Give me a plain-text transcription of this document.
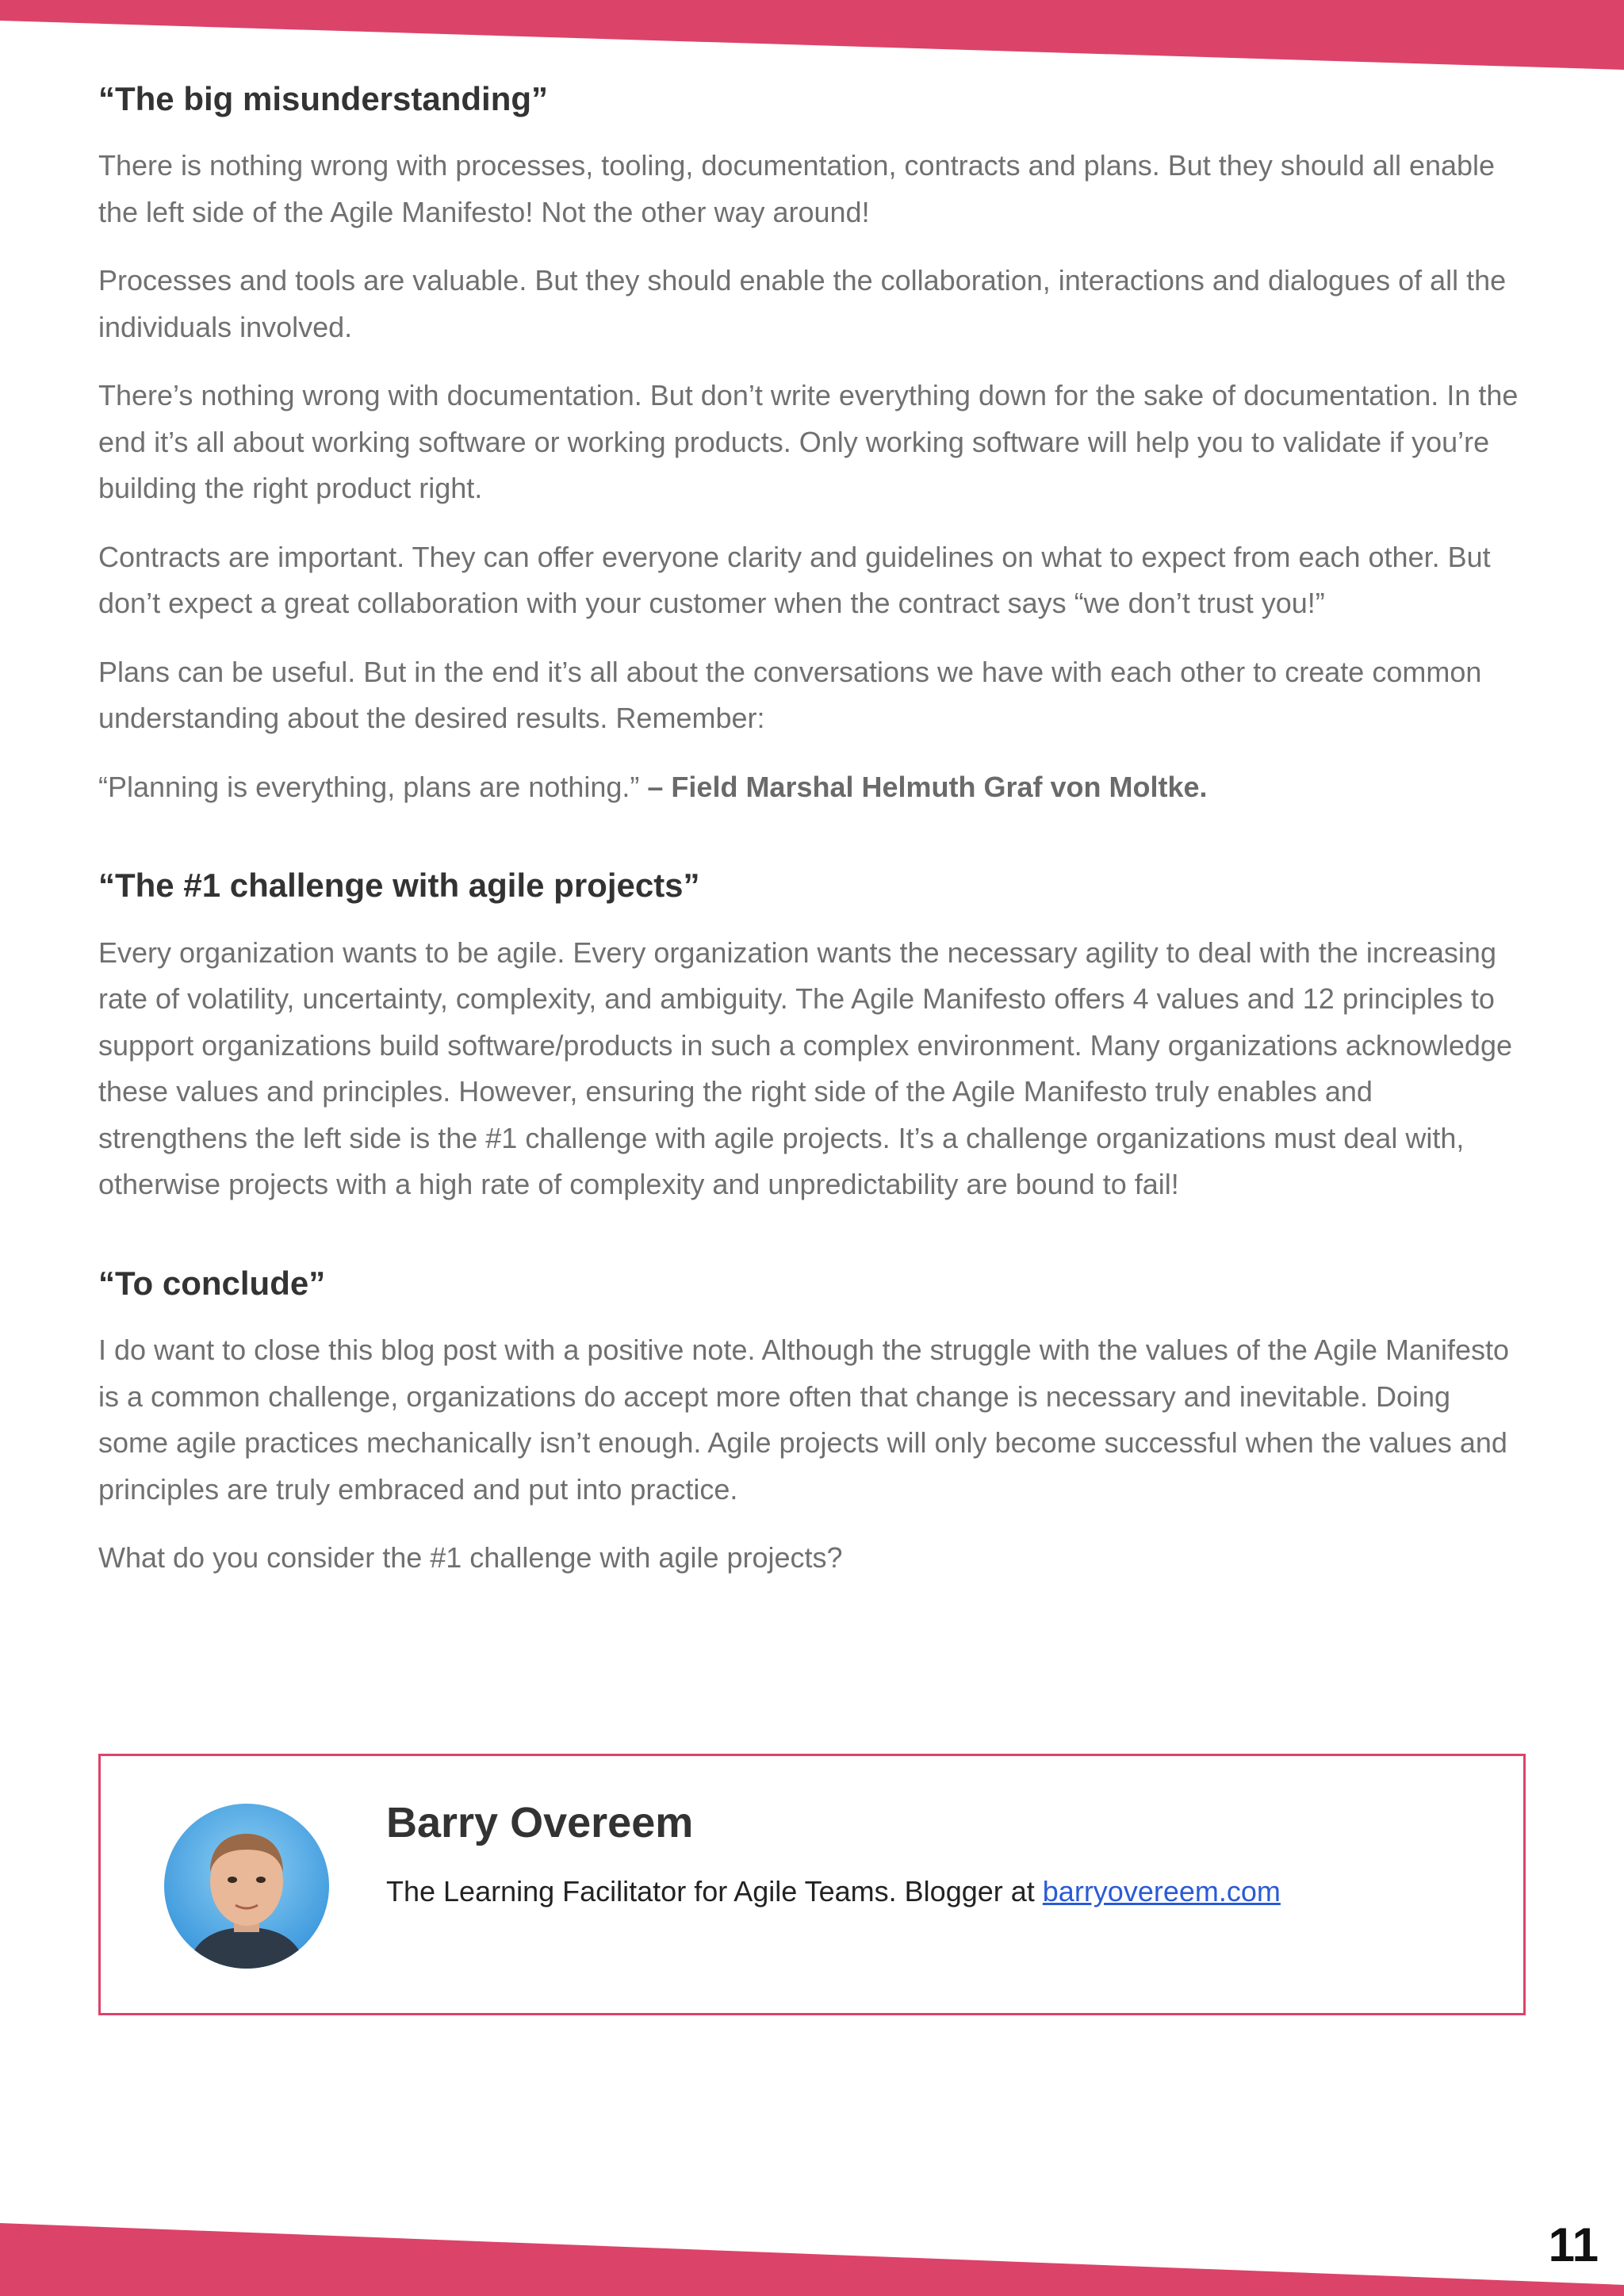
“The big misunderstanding”

There is nothing wrong with processes, tooling, documentation, contracts and plans. But they should all enable the left side of the Agile Manifesto! Not the other way around!

Processes and tools are valuable. But they should enable the collaboration, interactions and dialogues of all the individuals involved.

There’s nothing wrong with documentation. But don’t write everything down for the sake of documentation. In the end it’s all about working software or working products. Only working software will help you to validate if you’re building the right product right.

Contracts are important. They can offer everyone clarity and guidelines on what to expect from each other. But don’t expect a great collaboration with your customer when the contract says “we don’t trust you!”

Plans can be useful. But in the end it’s all about the conversations we have with each other to create common understanding about the desired results. Remember:

“Planning is everything, plans are nothing.” – Field Marshal Helmuth Graf von Moltke.

“The #1 challenge with agile projects”

Every organization wants to be agile. Every organization wants the necessary agility to deal with the increasing rate of volatility, uncertainty, complexity, and ambiguity. The Agile Manifesto offers 4 values and 12 principles to support organizations build software/products in such a complex environment. Many organizations acknowledge these values and principles. However, ensuring the right side of the Agile Manifesto truly enables and strengthens the left side is the #1 challenge with agile projects. It’s a challenge organizations must deal with, otherwise projects with a high rate of complexity and unpredictability are bound to fail!

“To conclude”

I do want to close this blog post with a positive note. Although the struggle with the values of the Agile Manifesto is a common challenge, organizations do accept more often that change is necessary and inevitable. Doing some agile practices mechanically isn’t enough. Agile projects will only become successful when the values and principles are truly embraced and put into practice.

What do you consider the #1 challenge with agile projects?

Barry Overeem
The Learning Facilitator for Agile Teams. Blogger at barryovereem.com
11
